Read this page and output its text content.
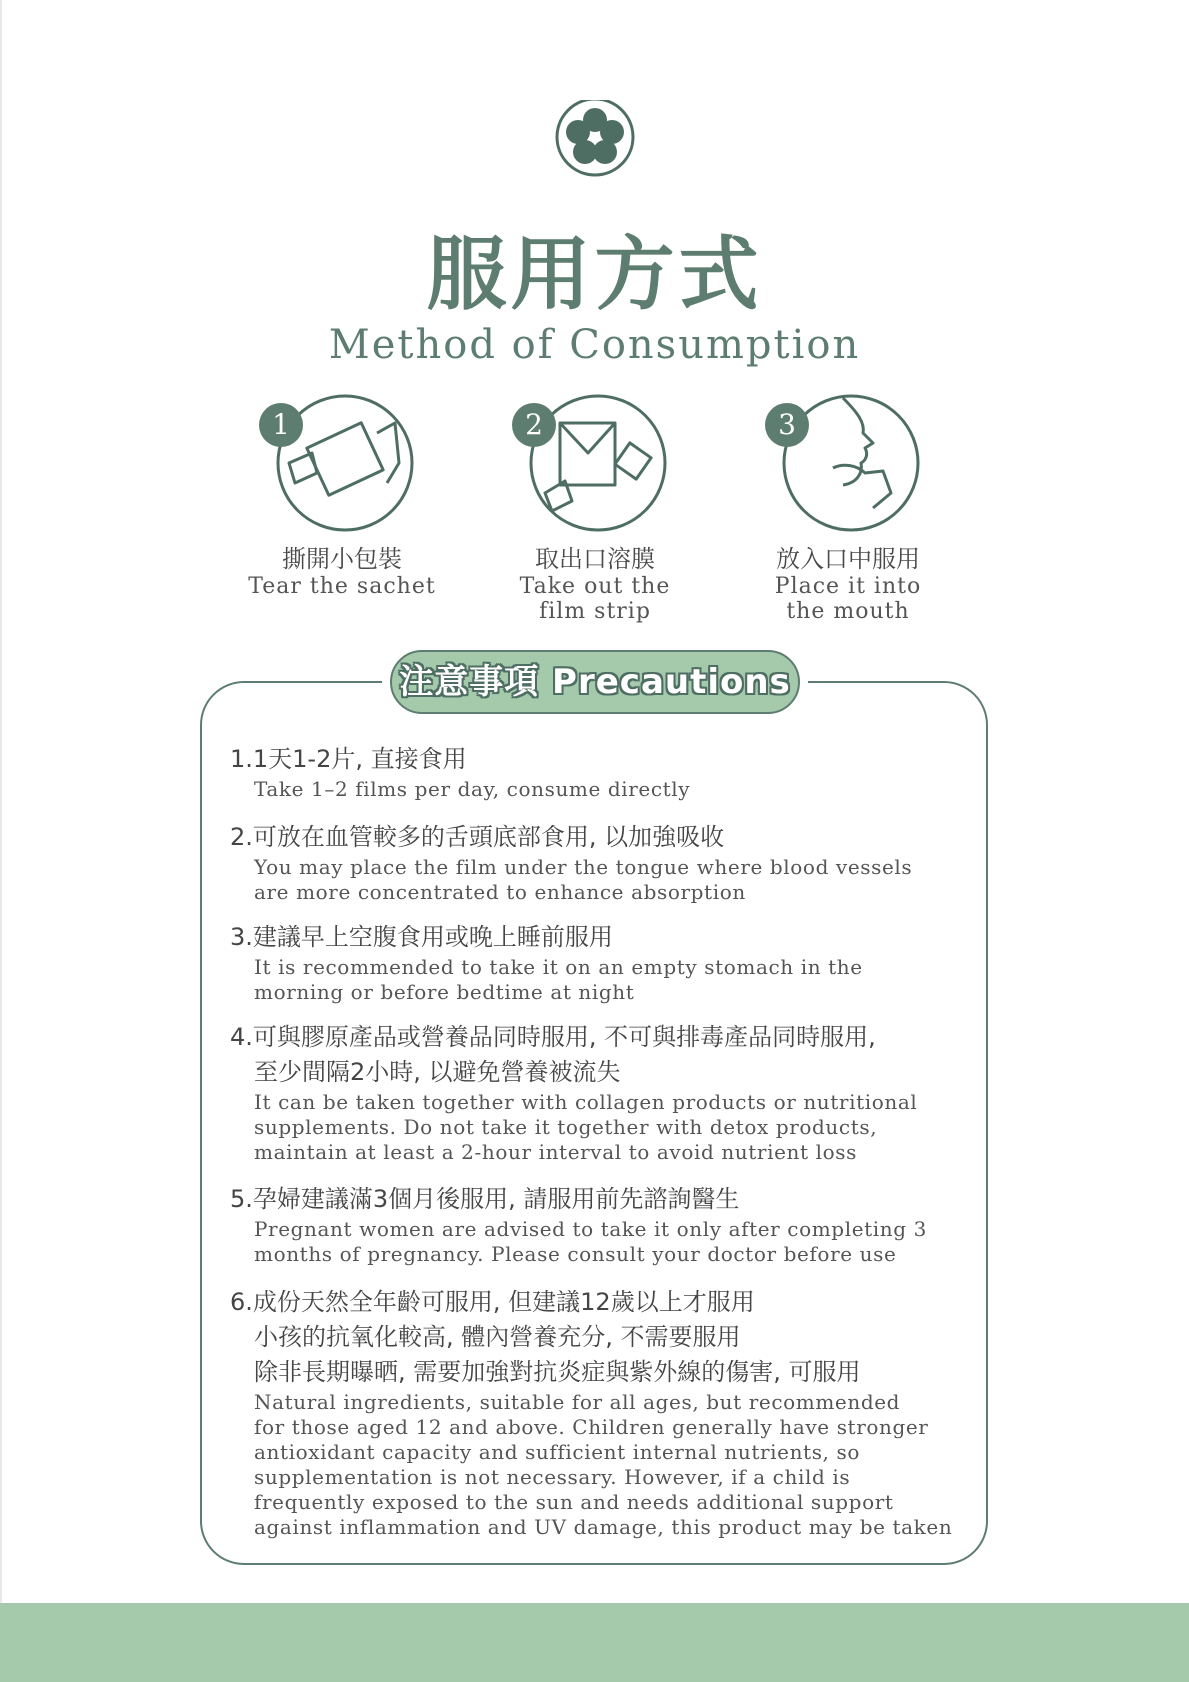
服用方式
Method of Consumption
1
撕開小包裝
Tear the sachet
2
取出口溶膜
Take out the
film strip
3
放入口中服用
Place it into
the mouth
注意事項 Precautions
1.1天1-2片, 直接食用
Take 1–2 films per day, consume directly
2.可放在血管較多的舌頭底部食用, 以加強吸收
You may place the film under the tongue where blood vessels
are more concentrated to enhance absorption
3.建議早上空腹食用或晚上睡前服用
It is recommended to take it on an empty stomach in the
morning or before bedtime at night
4.可與膠原產品或營養品同時服用, 不可與排毒產品同時服用,
至少間隔2小時, 以避免營養被流失
It can be taken together with collagen products or nutritional
supplements. Do not take it together with detox products,
maintain at least a 2-hour interval to avoid nutrient loss
5.孕婦建議滿3個月後服用, 請服用前先諮詢醫生
Pregnant women are advised to take it only after completing 3
months of pregnancy. Please consult your doctor before use
6.成份天然全年齡可服用, 但建議12歲以上才服用
小孩的抗氧化較高, 體內營養充分, 不需要服用
除非長期曝晒, 需要加強對抗炎症與紫外線的傷害, 可服用
Natural ingredients, suitable for all ages, but recommended
for those aged 12 and above. Children generally have stronger
antioxidant capacity and sufficient internal nutrients, so
supplementation is not necessary. However, if a child is
frequently exposed to the sun and needs additional support
against inflammation and UV damage, this product may be taken
